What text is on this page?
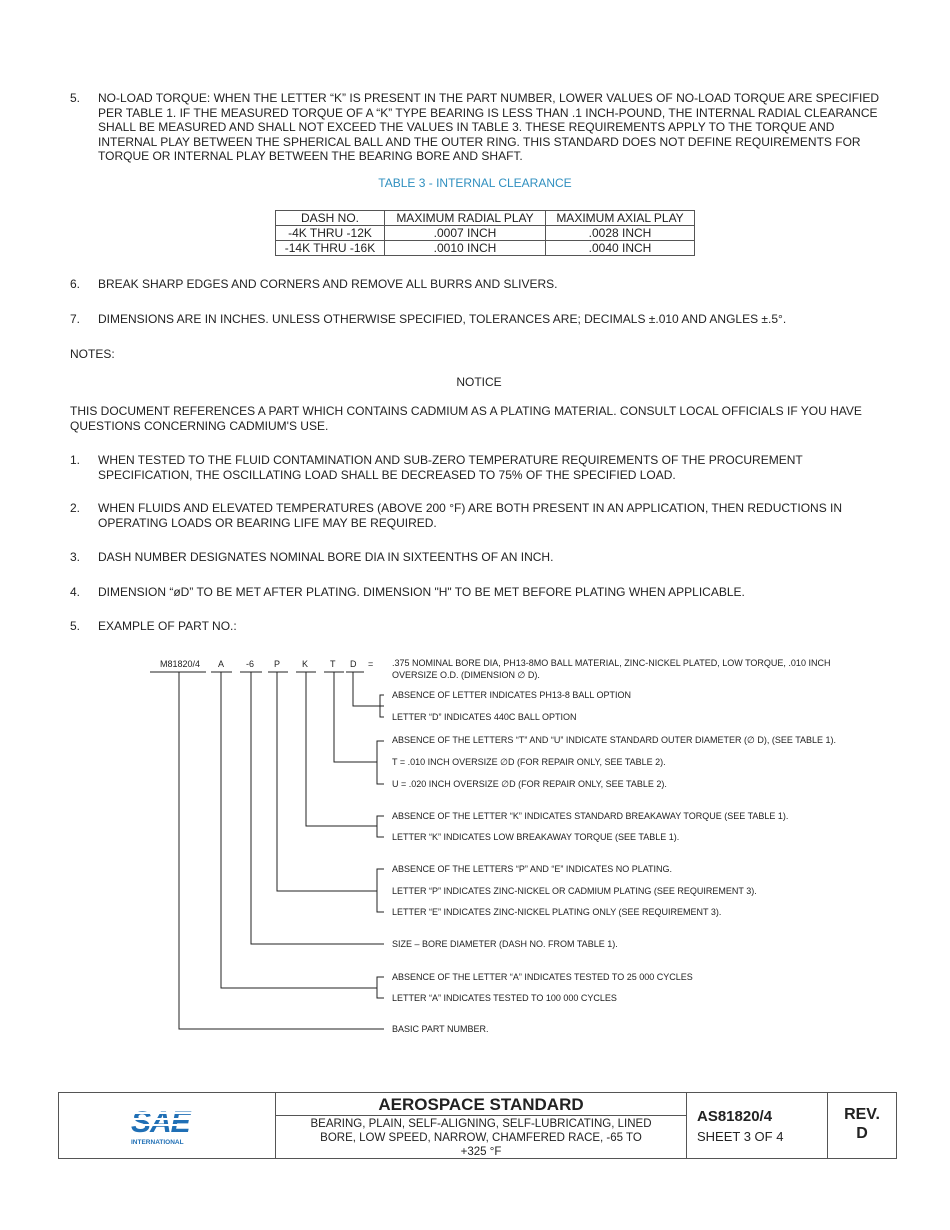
5. NO-LOAD TORQUE: WHEN THE LETTER “K” IS PRESENT IN THE PART NUMBER, LOWER VALUES OF NO-LOAD TORQUE ARE SPECIFIED PER TABLE 1. IF THE MEASURED TORQUE OF A “K” TYPE BEARING IS LESS THAN .1 INCH-POUND, THE INTERNAL RADIAL CLEARANCE SHALL BE MEASURED AND SHALL NOT EXCEED THE VALUES IN TABLE 3. THESE REQUIREMENTS APPLY TO THE TORQUE AND INTERNAL PLAY BETWEEN THE SPHERICAL BALL AND THE OUTER RING. THIS STANDARD DOES NOT DEFINE REQUIREMENTS FOR TORQUE OR INTERNAL PLAY BETWEEN THE BEARING BORE AND SHAFT.
TABLE 3 - INTERNAL CLEARANCE
DASH NO.	MAXIMUM RADIAL PLAY	MAXIMUM AXIAL PLAY
-4K THRU -12K	.0007 INCH	.0028 INCH
-14K THRU -16K	.0010 INCH	.0040 INCH
6. BREAK SHARP EDGES AND CORNERS AND REMOVE ALL BURRS AND SLIVERS.
7. DIMENSIONS ARE IN INCHES. UNLESS OTHERWISE SPECIFIED, TOLERANCES ARE; DECIMALS ±.010 AND ANGLES ±.5°.
NOTES:
NOTICE
THIS DOCUMENT REFERENCES A PART WHICH CONTAINS CADMIUM AS A PLATING MATERIAL. CONSULT LOCAL OFFICIALS IF YOU HAVE QUESTIONS CONCERNING CADMIUM'S USE.
1. WHEN TESTED TO THE FLUID CONTAMINATION AND SUB-ZERO TEMPERATURE REQUIREMENTS OF THE PROCUREMENT SPECIFICATION, THE OSCILLATING LOAD SHALL BE DECREASED TO 75% OF THE SPECIFIED LOAD.
2. WHEN FLUIDS AND ELEVATED TEMPERATURES (ABOVE 200 °F) ARE BOTH PRESENT IN AN APPLICATION, THEN REDUCTIONS IN OPERATING LOADS OR BEARING LIFE MAY BE REQUIRED.
3. DASH NUMBER DESIGNATES NOMINAL BORE DIA IN SIXTEENTHS OF AN INCH.
4. DIMENSION “øD” TO BE MET AFTER PLATING. DIMENSION "H" TO BE MET BEFORE PLATING WHEN APPLICABLE.
5. EXAMPLE OF PART NO.:
M81820/4 A -6 P K T D = .375 NOMINAL BORE DIA, PH13-8MO BALL MATERIAL, ZINC-NICKEL PLATED, LOW TORQUE, .010 INCH
OVERSIZE O.D. (DIMENSION ∅ D).
ABSENCE OF LETTER INDICATES PH13-8 BALL OPTION
LETTER “D” INDICATES 440C BALL OPTION
ABSENCE OF THE LETTERS “T” AND “U” INDICATE STANDARD OUTER DIAMETER (∅ D), (SEE TABLE 1).
T = .010 INCH OVERSIZE ∅D (FOR REPAIR ONLY, SEE TABLE 2).
U = .020 INCH OVERSIZE ∅D (FOR REPAIR ONLY, SEE TABLE 2).
ABSENCE OF THE LETTER “K” INDICATES STANDARD BREAKAWAY TORQUE (SEE TABLE 1).
LETTER “K” INDICATES LOW BREAKAWAY TORQUE (SEE TABLE 1).
ABSENCE OF THE LETTERS “P” AND “E” INDICATES NO PLATING.
LETTER “P” INDICATES ZINC-NICKEL OR CADMIUM PLATING (SEE REQUIREMENT 3).
LETTER “E” INDICATES ZINC-NICKEL PLATING ONLY (SEE REQUIREMENT 3).
SIZE – BORE DIAMETER (DASH NO. FROM TABLE 1).
ABSENCE OF THE LETTER “A” INDICATES TESTED TO 25 000 CYCLES
LETTER “A” INDICATES TESTED TO 100 000 CYCLES
BASIC PART NUMBER.
SAE
INTERNATIONAL
AEROSPACE STANDARD
BEARING, PLAIN, SELF-ALIGNING, SELF-LUBRICATING, LINED BORE, LOW SPEED, NARROW, CHAMFERED RACE, -65 TO +325 °F
AS81820/4
SHEET 3 OF 4
REV.
D
